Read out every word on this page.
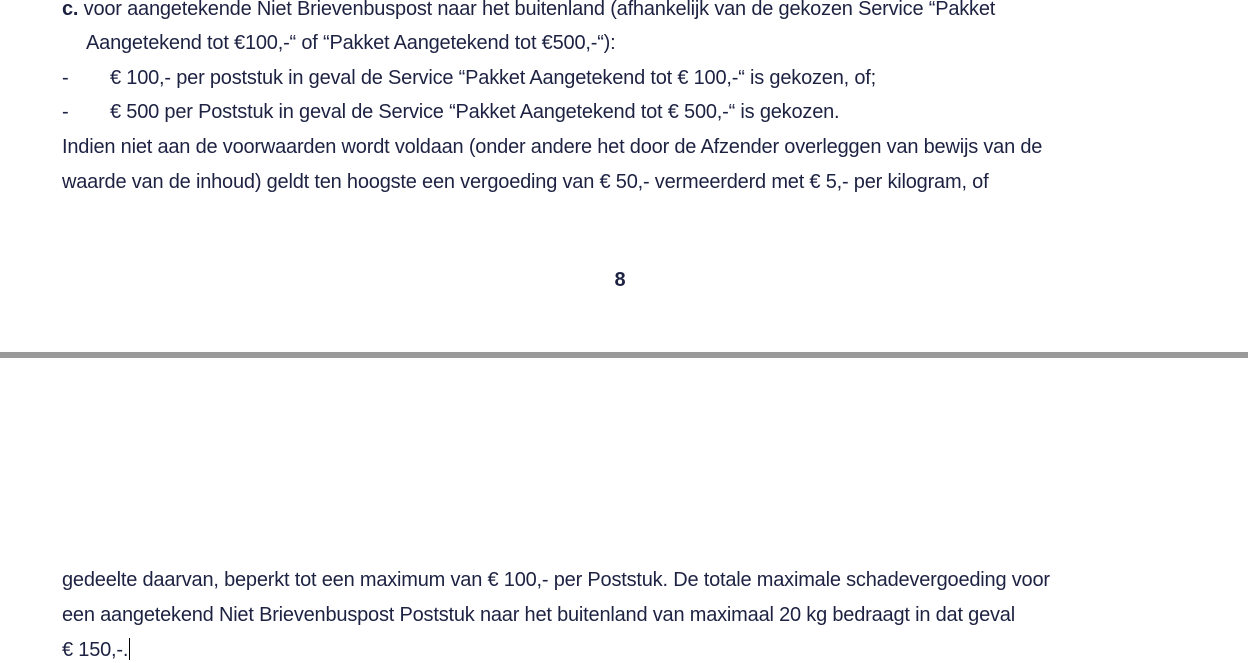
c. voor aangetekende Niet Brievenbuspost naar het buitenland (afhankelijk van de gekozen Service “Pakket
Aangetekend tot €100,-“ of “Pakket Aangetekend tot €500,-“):
- € 100,- per poststuk in geval de Service “Pakket Aangetekend tot € 100,-“ is gekozen, of;
- € 500 per Poststuk in geval de Service “Pakket Aangetekend tot € 500,-“ is gekozen.
Indien niet aan de voorwaarden wordt voldaan (onder andere het door de Afzender overleggen van bewijs van de
waarde van de inhoud) geldt ten hoogste een vergoeding van € 50,- vermeerderd met € 5,- per kilogram, of
8
gedeelte daarvan, beperkt tot een maximum van € 100,- per Poststuk. De totale maximale schadevergoeding voor
een aangetekend Niet Brievenbuspost Poststuk naar het buitenland van maximaal 20 kg bedraagt in dat geval
€ 150,-.
